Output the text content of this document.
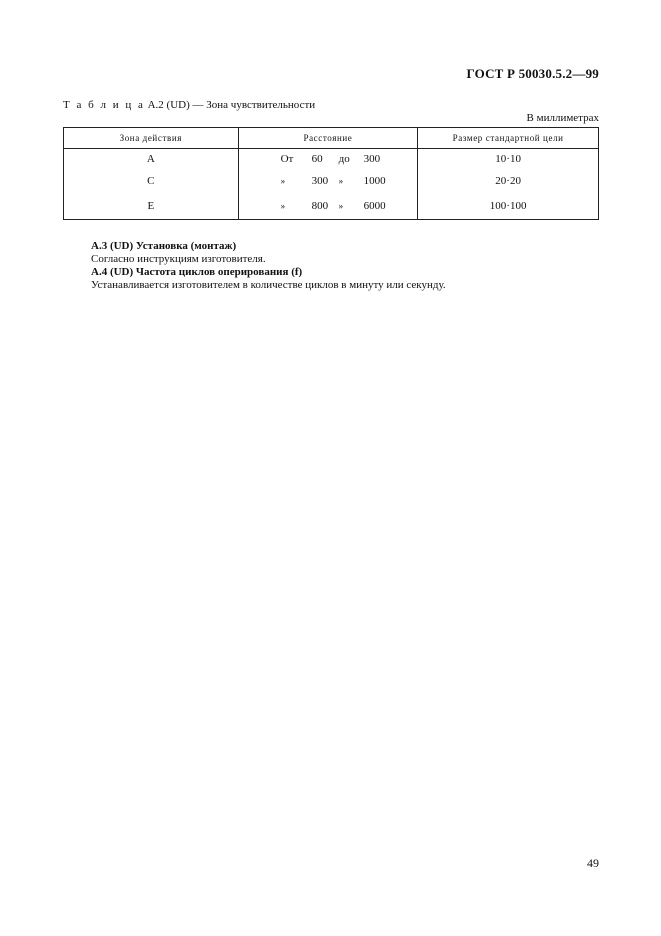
ГОСТ Р 50030.5.2—99
Т а б л и ц а А.2 (UD) — Зона чувствительности
В миллиметрах
Зона действия	Расстояние	Размер стандартной цели
А	От 60 до 300	10·10
С	» 300 » 1000	20·20
Е	» 800 » 6000	100·100
А.3 (UD) Установка (монтаж)
Согласно инструкциям изготовителя.
А.4 (UD) Частота циклов оперирования (f)
Устанавливается изготовителем в количестве циклов в минуту или секунду.
49
